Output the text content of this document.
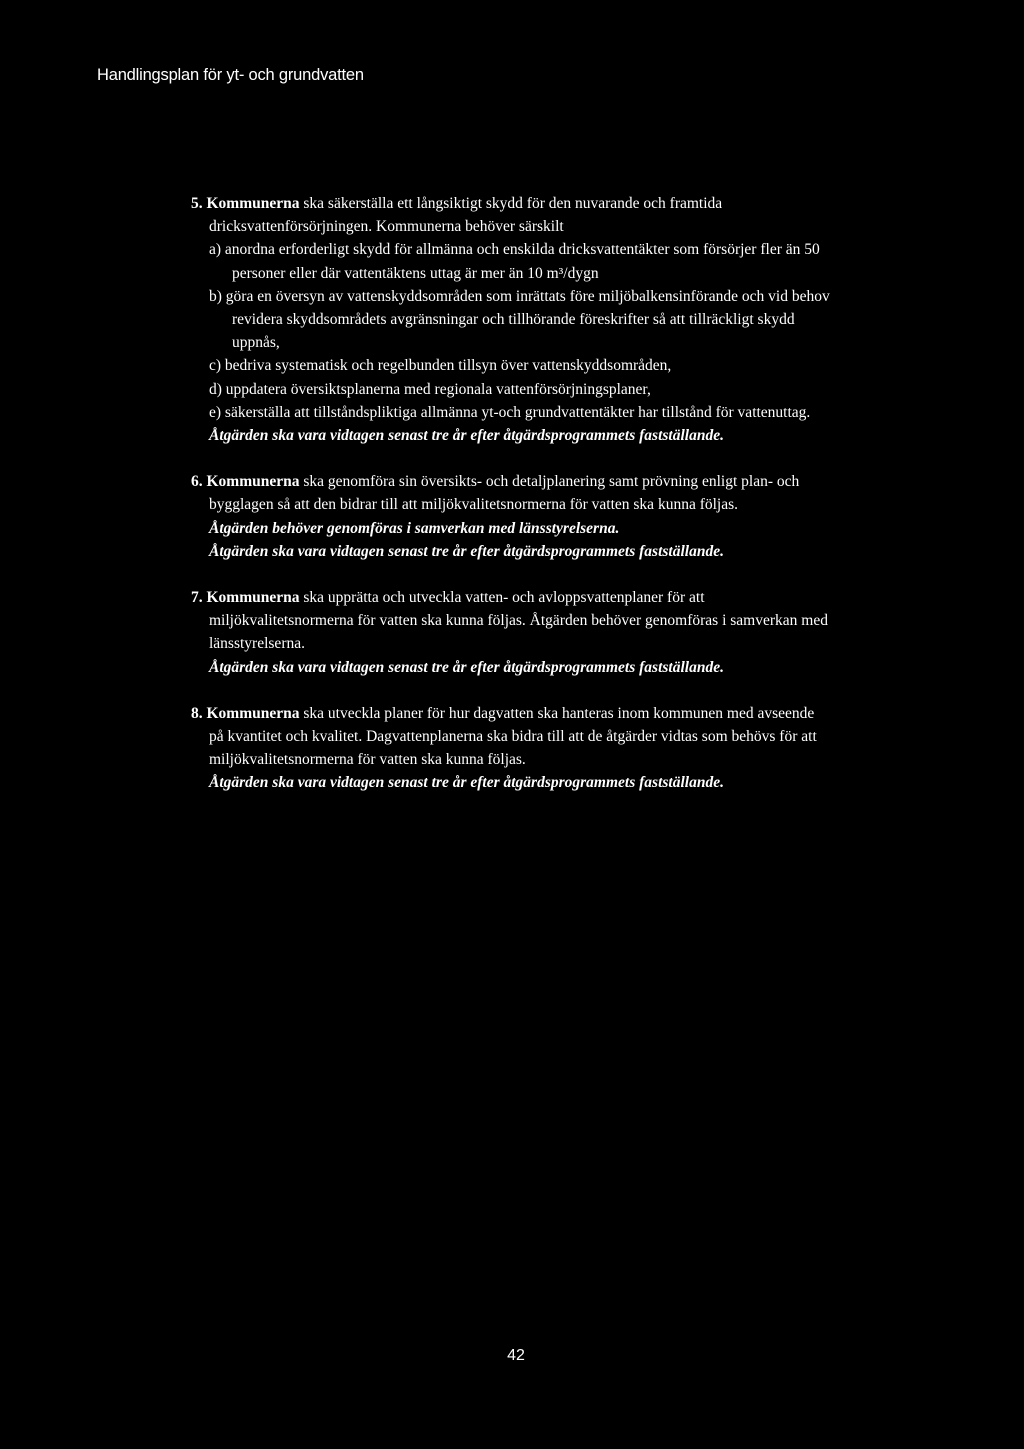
Handlingsplan för yt- och grundvatten

5. Kommunerna ska säkerställa ett långsiktigt skydd för den nuvarande och framtida dricksvattenförsörjningen. Kommunerna behöver särskilt

a) anordna erforderligt skydd för allmänna och enskilda dricksvattentäkter som försörjer fler än 50 personer eller där vattentäktens uttag är mer än 10 m³/dygn

b) göra en översyn av vattenskyddsområden som inrättats före miljöbalkensinförande och vid behov revidera skyddsområdets avgränsningar och tillhörande föreskrifter så att tillräckligt skydd uppnås,

c) bedriva systematisk och regelbunden tillsyn över vattenskyddsområden,

d) uppdatera översiktsplanerna med regionala vattenförsörjningsplaner,

e) säkerställa att tillståndspliktiga allmänna yt-och grundvattentäkter har tillstånd för vattenuttag.

Åtgärden ska vara vidtagen senast tre år efter åtgärdsprogrammets fastställande.

6. Kommunerna ska genomföra sin översikts- och detaljplanering samt prövning enligt plan- och bygglagen så att den bidrar till att miljökvalitetsnormerna för vatten ska kunna följas.

Åtgärden behöver genomföras i samverkan med länsstyrelserna.

Åtgärden ska vara vidtagen senast tre år efter åtgärdsprogrammets fastställande.

7. Kommunerna ska upprätta och utveckla vatten- och avloppsvattenplaner för att miljökvalitetsnormerna för vatten ska kunna följas. Åtgärden behöver genomföras i samverkan med länsstyrelserna.

Åtgärden ska vara vidtagen senast tre år efter åtgärdsprogrammets fastställande.

8. Kommunerna ska utveckla planer för hur dagvatten ska hanteras inom kommunen med avseende på kvantitet och kvalitet. Dagvattenplanerna ska bidra till att de åtgärder vidtas som behövs för att miljökvalitetsnormerna för vatten ska kunna följas.

Åtgärden ska vara vidtagen senast tre år efter åtgärdsprogrammets fastställande.

42
